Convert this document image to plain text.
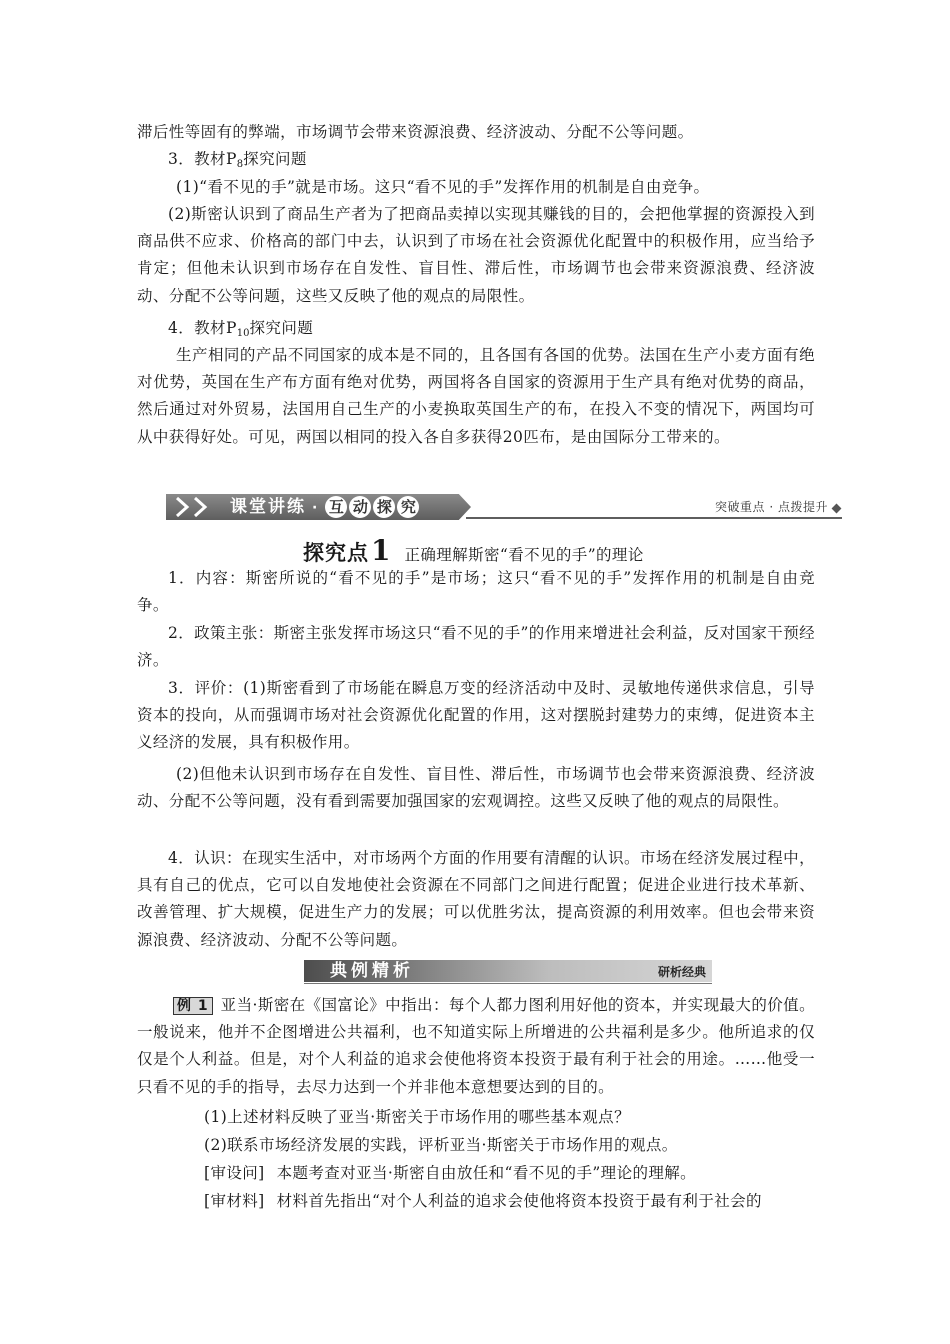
滞后性等固有的弊端，市场调节会带来资源浪费、经济波动、分配不公等问题。

3．教材$P_8$探究问题

(1)“看不见的手”就是市场。这只“看不见的手”发挥作用的机制是自由竞争。

(2)斯密认识到了商品生产者为了把商品卖掉以实现其赚钱的目的，会把他掌握的资源投入到商品供不应求、价格高的部门中去，认识到了市场在社会资源优化配置中的积极作用，应当给予肯定；但他未认识到市场存在自发性、盲目性、滞后性，市场调节也会带来资源浪费、经济波动、分配不公等问题，这些又反映了他的观点的局限性。

4．教材$P_{10}$探究问题

生产相同的产品不同国家的成本是不同的，且各国有各国的优势。法国在生产小麦方面有绝对优势，英国在生产布方面有绝对优势，两国将各自国家的资源用于生产具有绝对优势的商品，然后通过对外贸易，法国用自己生产的小麦换取英国生产的布，在投入不变的情况下，两国均可从中获得好处。可见，两国以相同的投入各自多获得20匹布，是由国际分工带来的。

课堂讲练 · 互 动 探 究	突破重点 · 点拨提升
探究点1 正确理解斯密“看不见的手”的理论

1．内容：斯密所说的“看不见的手”是市场；这只“看不见的手”发挥作用的机制是自由竞争。

2．政策主张：斯密主张发挥市场这只“看不见的手”的作用来增进社会利益，反对国家干预经济。

3．评价：(1)斯密看到了市场能在瞬息万变的经济活动中及时、灵敏地传递供求信息，引导资本的投向，从而强调市场对社会资源优化配置的作用，这对摆脱封建势力的束缚，促进资本主义经济的发展，具有积极作用。

(2)但他未认识到市场存在自发性、盲目性、滞后性，市场调节也会带来资源浪费、经济波动、分配不公等问题，没有看到需要加强国家的宏观调控。这些又反映了他的观点的局限性。

4．认识：在现实生活中，对市场两个方面的作用要有清醒的认识。市场在经济发展过程中，具有自己的优点，它可以自发地使社会资源在不同部门之间进行配置；促进企业进行技术革新、改善管理、扩大规模，促进生产力的发展；可以优胜劣汰，提高资源的利用效率。但也会带来资源浪费、经济波动、分配不公等问题。

典例精析	研析经典

例 1 亚当·斯密在《国富论》中指出：每个人都力图利用好他的资本，并实现最大的价值。一般说来，他并不企图增进公共福利，也不知道实际上所增进的公共福利是多少。他所追求的仅仅是个人利益。但是，对个人利益的追求会使他将资本投资于最有利于社会的用途。……他受一只看不见的手的指导，去尽力达到一个并非他本意想要达到的目的。

(1)上述材料反映了亚当·斯密关于市场作用的哪些基本观点？

(2)联系市场经济发展的实践，评析亚当·斯密关于市场作用的观点。

[审设问] 本题考查对亚当·斯密自由放任和“看不见的手”理论的理解。

[审材料] 材料首先指出“对个人利益的追求会使他将资本投资于最有利于社会的
